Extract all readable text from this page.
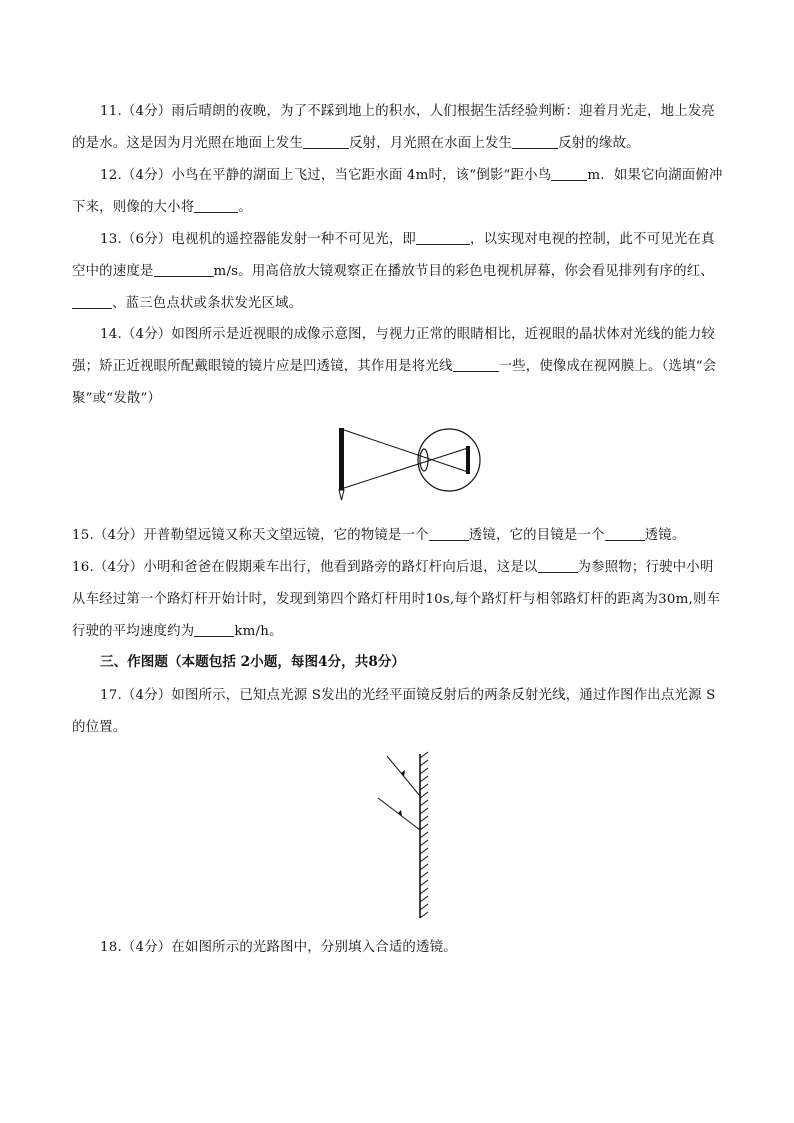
11.（4分）雨后晴朗的夜晚，为了不踩到地上的积水，人们根据生活经验判断：迎着月光走，地上发亮的是水。这是因为月光照在地面上发生	反射，月光照在水面上发生	反射的缘故。
12.（4分）小鸟在平静的湖面上飞过，当它距水面 4m时，该“倒影”距小鸟	m．如果它向湖面俯冲下来，则像的大小将	。
13.（6分）电视机的遥控器能发射一种不可见光，即	，以实现对电视的控制，此不可见光在真空中的速度是	m/s。用高倍放大镜观察正在播放节目的彩色电视机屏幕，你会看见排列有序的红、、蓝三色点状或条状发光区域。
14.（4分）如图所示是近视眼的成像示意图，与视力正常的眼睛相比，近视眼的晶状体对光线的能力较强；矫正近视眼所配戴眼镜的镜片应是凹透镜，其作用是将光线	一些，使像成在视网膜上。（选填“会聚”或“发散”）
15.（4分）开普勒望远镜又称天文望远镜，它的物镜是一个	透镜，它的目镜是一个	透镜。
16.（4分）小明和爸爸在假期乘车出行，他看到路旁的路灯杆向后退，这是以	为参照物；行驶中小明从车经过第一个路灯杆开始计时，发现到第四个路灯杆用时10s,每个路灯杆与相邻路灯杆的距离为30m,则车行驶的平均速度约为	km/h。
三、作图题（本题包括 2小题，每图4分，共8分）
17.（4分）如图所示，已知点光源 S发出的光经平面镜反射后的两条反射光线，通过作图作出点光源 S的位置。
18.（4分）在如图所示的光路图中，分别填入合适的透镜。
